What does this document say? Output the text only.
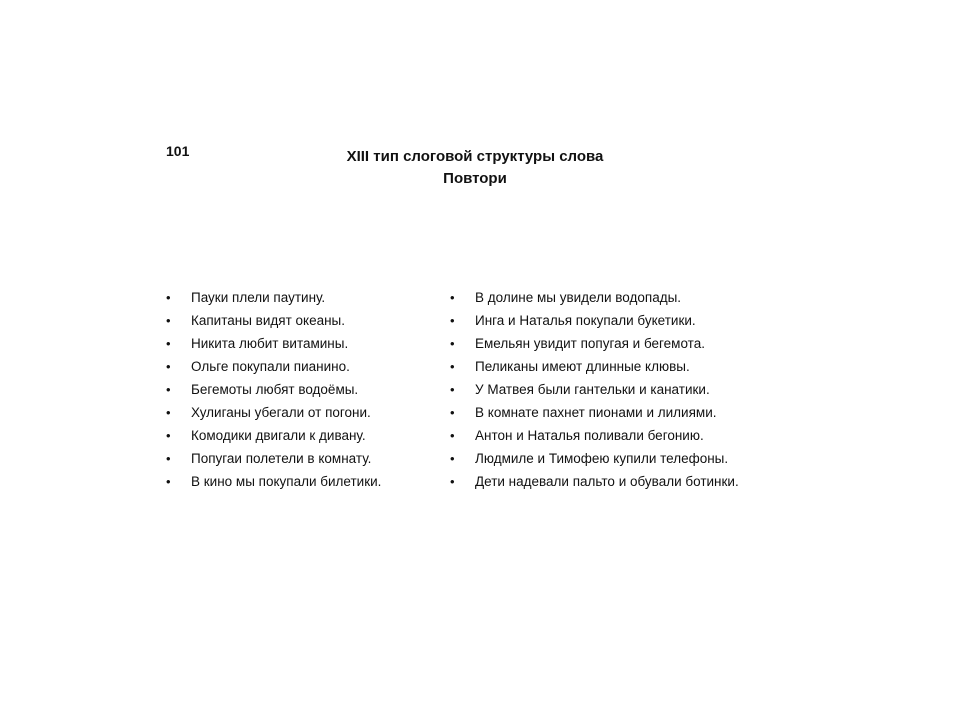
101	XIII тип слоговой структуры слова
Повтори
• Пауки плели паутину.
• Капитаны видят океаны.
• Никита любит витамины.
• Ольге покупали пианино.
• Бегемоты любят водоёмы.
• Хулиганы убегали от погони.
• Комодики двигали к дивану.
• Попугаи полетели в комнату.
• В кино мы покупали билетики.
• В долине мы увидели водопады.
• Инга и Наталья покупали букетики.
• Емельян увидит попугая и бегемота.
• Пеликаны имеют длинные клювы.
• У Матвея были гантельки и канатики.
• В комнате пахнет пионами и лилиями.
• Антон и Наталья поливали бегонию.
• Людмиле и Тимофею купили телефоны.
• Дети надевали пальто и обували ботинки.
